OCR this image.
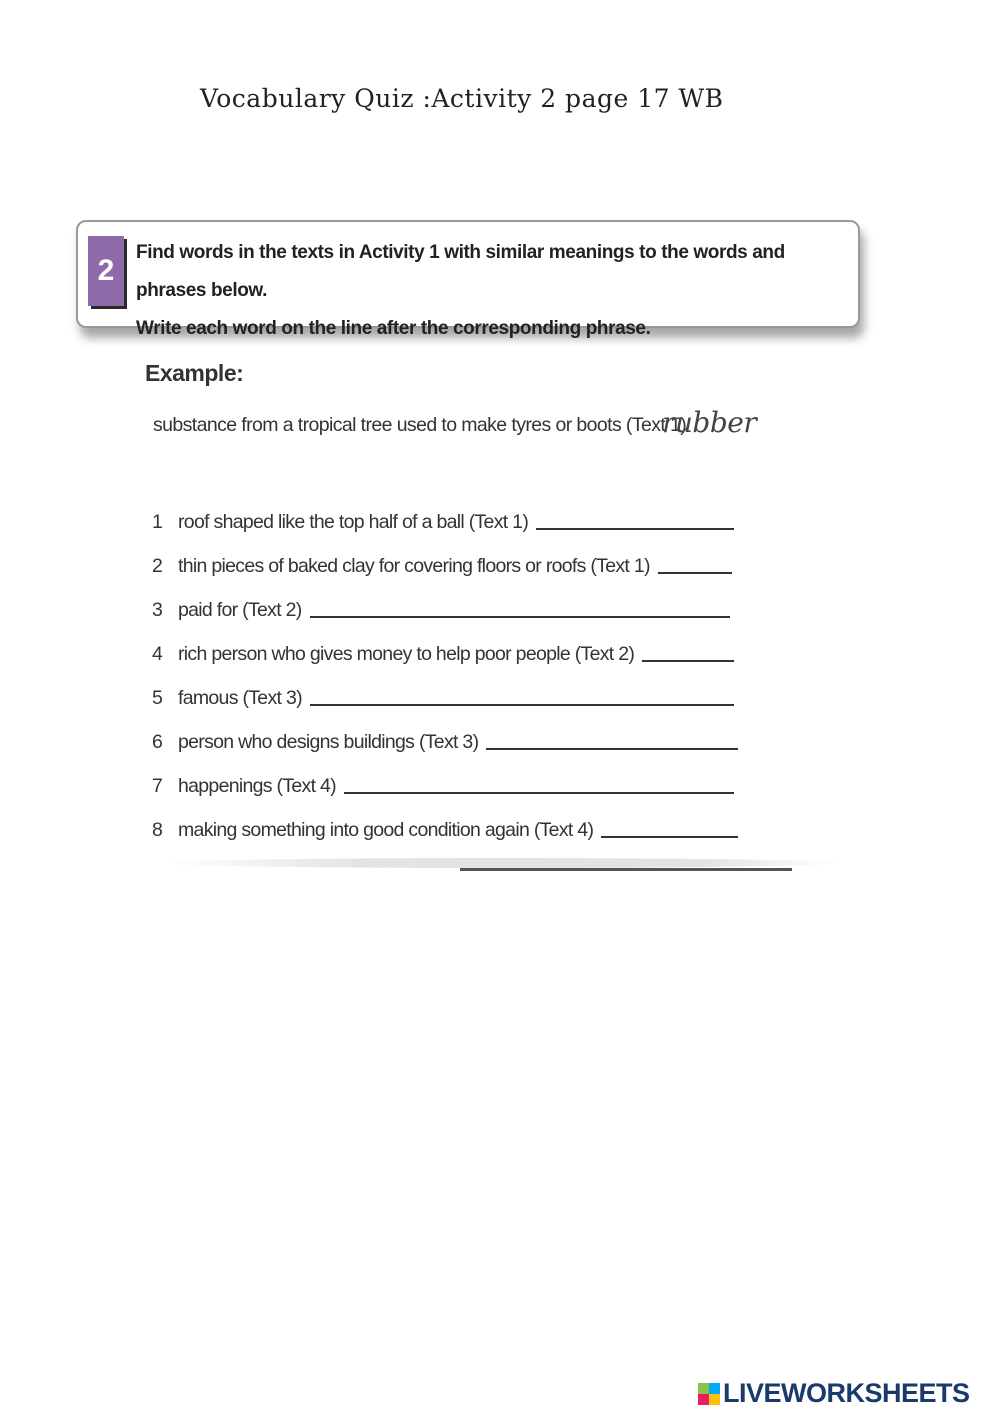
Vocabulary Quiz :Activity 2 page 17 WB
2
Find words in the texts in Activity 1 with similar meanings to the words and phrases below.
Write each word on the line after the corresponding phrase.
Example:
substance from a tropical tree used to make tyres or boots (Text 1)
rubber
1 roof shaped like the top half of a ball (Text 1)
2 thin pieces of baked clay for covering floors or roofs (Text 1)
3 paid for (Text 2)
4 rich person who gives money to help poor people (Text 2)
5 famous (Text 3)
6 person who designs buildings (Text 3)
7 happenings (Text 4)
8 making something into good condition again (Text 4)
LIVEWORKSHEETS
